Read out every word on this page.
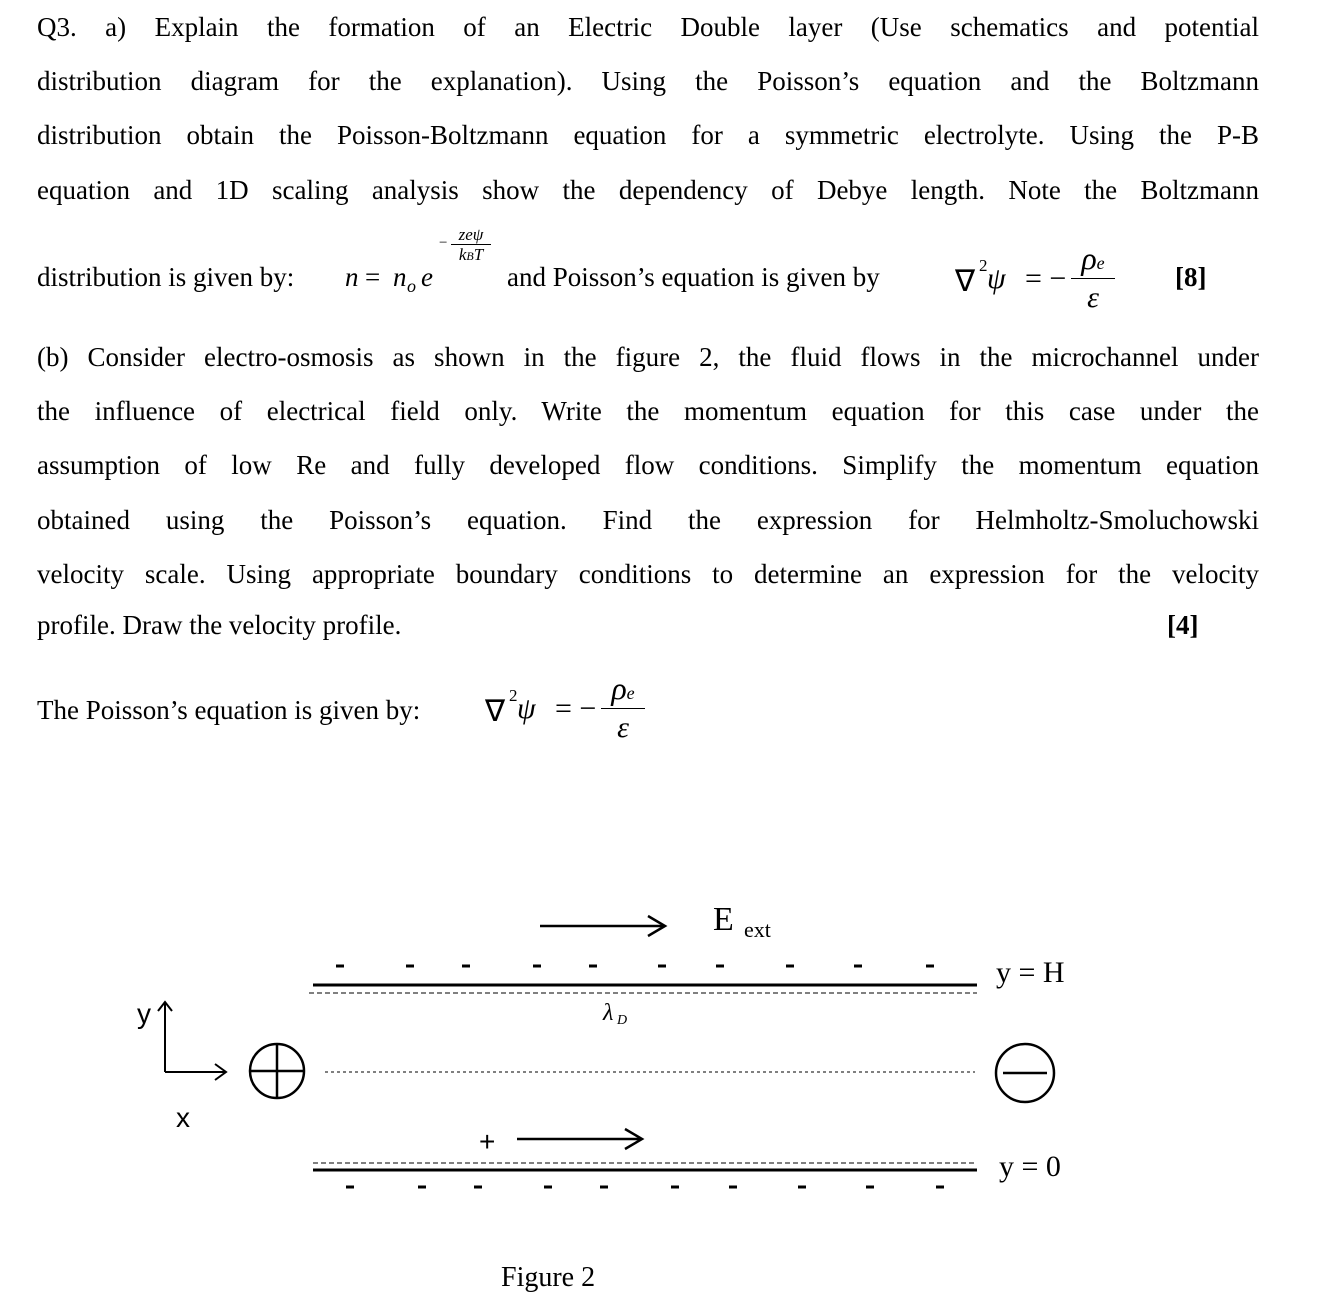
Q3. a) Explain the formation of an Electric Double layer (Use schematics and potential
distribution diagram for the explanation). Using the Poisson’s equation and the Boltzmann
distribution obtain the Poisson-Boltzmann equation for a symmetric electrolyte. Using the P-B
equation and 1D scaling analysis show the dependency of Debye length. Note the Boltzmann
distribution is given by: n = n o e
− zeψ
kBT
and Poisson’s equation is given by	∇ 2 ψ = −
ρe
ε
[8]
(b) Consider electro-osmosis as shown in the figure 2, the fluid flows in the microchannel under
the influence of electrical field only. Write the momentum equation for this case under the
assumption of low Re and fully developed flow conditions. Simplify the momentum equation
obtained using the Poisson’s equation. Find the expression for Helmholtz-Smoluchowski
velocity scale. Using appropriate boundary conditions to determine an expression for the velocity
profile. Draw the velocity profile.	[4]
The Poisson’s equation is given by: ∇ 2 ψ = −
ρe
ε
E ext
y = H
λ D
y
x
+
y = 0
Figure 2
